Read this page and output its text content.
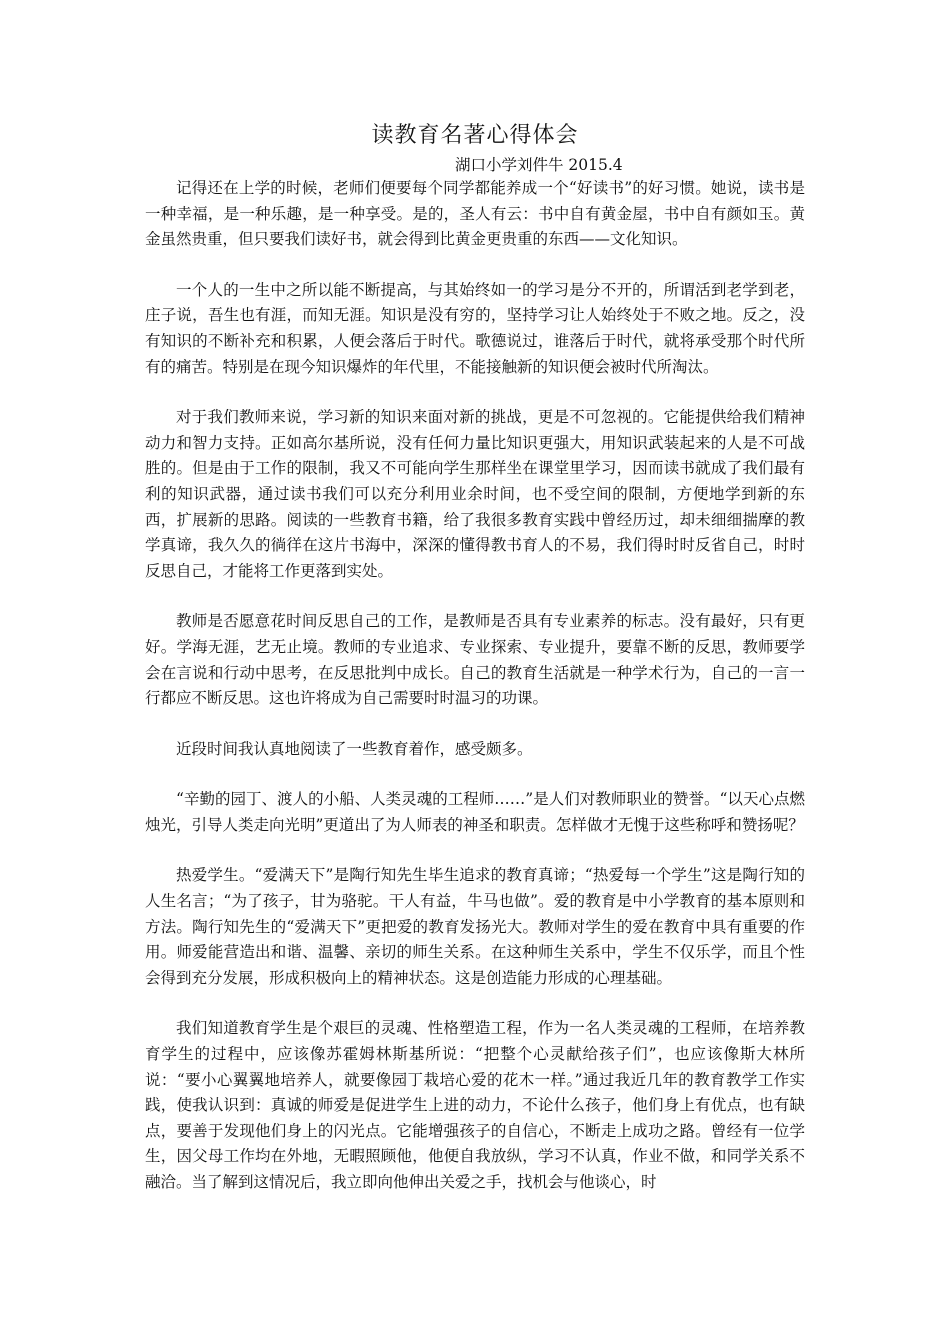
读教育名著心得体会

湖口小学刘件牛 2015.4

记得还在上学的时候，老师们便要每个同学都能养成一个“好读书”的好习惯。她说，读书是一种幸福，是一种乐趣，是一种享受。是的，圣人有云：书中自有黄金屋，书中自有颜如玉。黄金虽然贵重，但只要我们读好书，就会得到比黄金更贵重的东西——文化知识。

一个人的一生中之所以能不断提高，与其始终如一的学习是分不开的，所谓活到老学到老，庄子说，吾生也有涯，而知无涯。知识是没有穷的，坚持学习让人始终处于不败之地。反之，没有知识的不断补充和积累，人便会落后于时代。歌德说过，谁落后于时代，就将承受那个时代所有的痛苦。特别是在现今知识爆炸的年代里，不能接触新的知识便会被时代所淘汰。

对于我们教师来说，学习新的知识来面对新的挑战，更是不可忽视的。它能提供给我们精神动力和智力支持。正如高尔基所说，没有任何力量比知识更强大，用知识武装起来的人是不可战胜的。但是由于工作的限制，我又不可能向学生那样坐在课堂里学习，因而读书就成了我们最有利的知识武器，通过读书我们可以充分利用业余时间，也不受空间的限制，方便地学到新的东西，扩展新的思路。阅读的一些教育书籍，给了我很多教育实践中曾经历过，却未细细揣摩的教学真谛，我久久的徜徉在这片书海中，深深的懂得教书育人的不易，我们得时时反省自己，时时反思自己，才能将工作更落到实处。

教师是否愿意花时间反思自己的工作，是教师是否具有专业素养的标志。没有最好，只有更好。学海无涯，艺无止境。教师的专业追求、专业探索、专业提升，要靠不断的反思，教师要学会在言说和行动中思考，在反思批判中成长。自己的教育生活就是一种学术行为，自己的一言一行都应不断反思。这也许将成为自己需要时时温习的功课。

近段时间我认真地阅读了一些教育着作，感受颇多。

“辛勤的园丁、渡人的小船、人类灵魂的工程师……”是人们对教师职业的赞誉。“以天心点燃烛光，引导人类走向光明”更道出了为人师表的神圣和职责。怎样做才无愧于这些称呼和赞扬呢？

热爱学生。“爱满天下”是陶行知先生毕生追求的教育真谛；“热爱每一个学生”这是陶行知的人生名言；“为了孩子，甘为骆驼。干人有益，牛马也做”。爱的教育是中小学教育的基本原则和方法。陶行知先生的“爱满天下”更把爱的教育发扬光大。教师对学生的爱在教育中具有重要的作用。师爱能营造出和谐、温馨、亲切的师生关系。在这种师生关系中，学生不仅乐学，而且个性会得到充分发展，形成积极向上的精神状态。这是创造能力形成的心理基础。

我们知道教育学生是个艰巨的灵魂、性格塑造工程，作为一名人类灵魂的工程师，在培养教育学生的过程中，应该像苏霍姆林斯基所说：“把整个心灵献给孩子们”，也应该像斯大林所说：“要小心翼翼地培养人，就要像园丁栽培心爱的花木一样。”通过我近几年的教育教学工作实践，使我认识到：真诚的师爱是促进学生上进的动力，不论什么孩子，他们身上有优点，也有缺点，要善于发现他们身上的闪光点。它能增强孩子的自信心，不断走上成功之路。曾经有一位学生，因父母工作均在外地，无暇照顾他，他便自我放纵，学习不认真，作业不做，和同学关系不融洽。当了解到这情况后，我立即向他伸出关爱之手，找机会与他谈心，时
